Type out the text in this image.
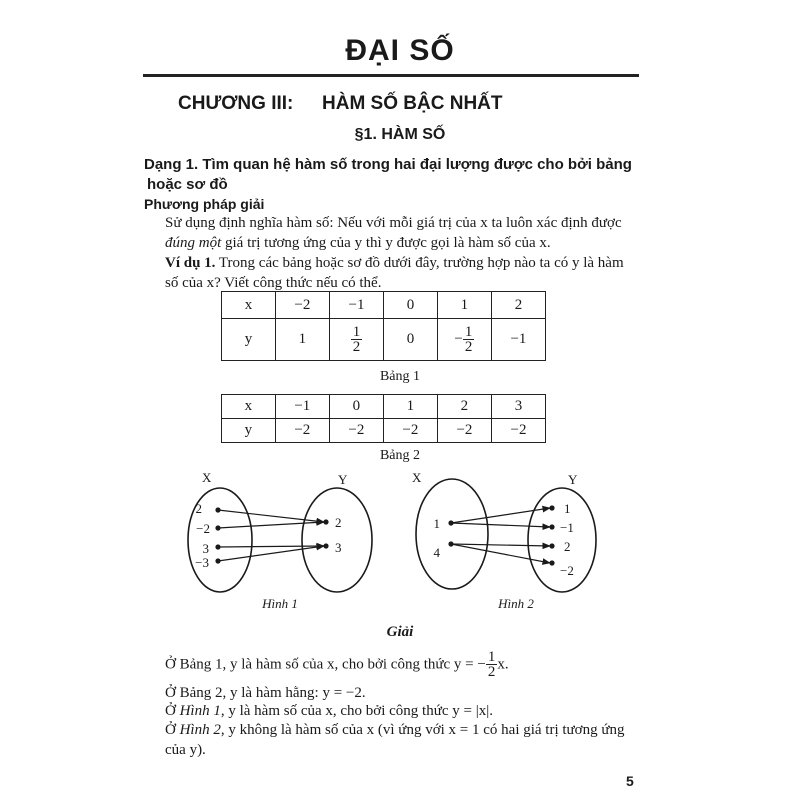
ĐẠI SỐ
CHƯƠNG III: HÀM SỐ BẬC NHẤT
§1. HÀM SỐ
Dạng 1. Tìm quan hệ hàm số trong hai đại lượng được cho bởi bảng
hoặc sơ đồ
Phương pháp giải
Sử dụng định nghĩa hàm số: Nếu với mỗi giá trị của x ta luôn xác định được đúng một giá trị tương ứng của y thì y được gọi là hàm số của x.
Ví dụ 1. Trong các bảng hoặc sơ đồ dưới đây, trường hợp nào ta có y là hàm số của x? Viết công thức nếu có thể.
x	−2	−1	0	1	2
y	1	$\frac{1}{2}$	0	− $\frac{1}{2}$	−1
Bảng 1
x	−1	0	1	2	3
y	−2	−2	−2	−2	−2
Bảng 2
X	Y
2
−2
3
−3
2
3
Hình 1
X	Y
1
4
1
−1
2
−2
Hình 2
Giải
Ở Bảng 1, y là hàm số của x, cho bởi công thức y = − $\frac{1}{2} x$.
Ở Bảng 2, y là hàm hằng: y = −2.
Ở Hình 1, y là hàm số của x, cho bởi công thức y = |x|.
Ở Hình 2, y không là hàm số của x (vì ứng với x = 1 có hai giá trị tương ứng của y).
5
